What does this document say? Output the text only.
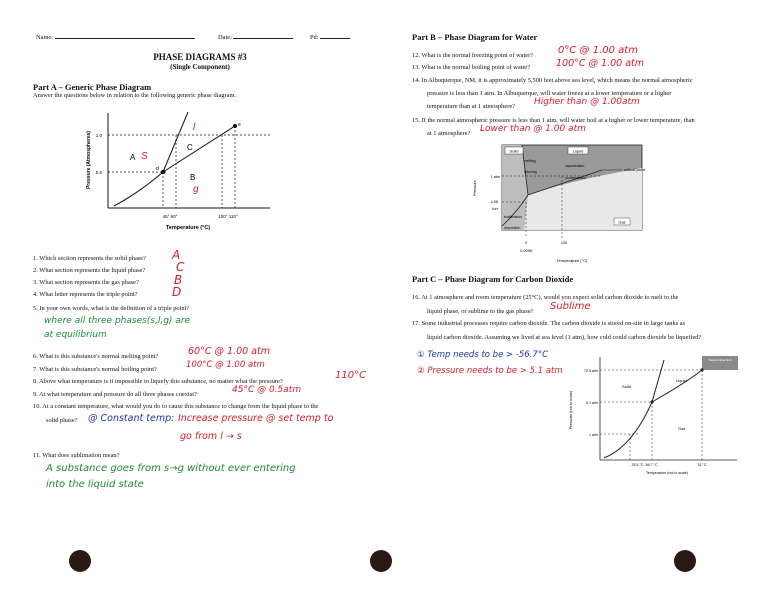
Name:	Date:	Pd:
PHASE DIAGRAMS #3
(Single Component)
Part A – Generic Phase Diagram
Answer the questions below in relation to the following generic phase diagram.
1.0
0.5
45° 60°	100° 110°
Temperature (°C)
Pressure (Atmospheres)	A
C
B
d
e
S
l
g
1. Which section represents the solid phase? A
2. What section represents the liquid phase?	C
3. What section represents the gas phase?	B
4. What letter represents the triple point?	D
5. In your own words, what is the definition of a triple point?
where all three phases(s,l,g) are
at equilibrium
6. What is this substance's normal melting point?	60°C @ 1.00 atm
7. What is this substance's normal boiling point?	100°C @ 1.00 atm
8. Above what temperature is it impossible to liquefy this substance, no matter what the pressure?
110°C
9. At what temperature and pressure do all three phases coexist?	45°C @ 0.5atm
10. At a constant temperature, what would you do to cause this substance to change from the liquid phase to the
solid phase? @ Constant temp: Increase pressure @ set temp to
go from l → s
11. What does sublimation mean?
A substance goes from s→g without ever entering
into the liquid state
Part B – Phase Diagram for Water
12. What is the normal freezing point of water? 0°C @ 1.00 atm
13. What is the normal boiling point of water?	100°C @ 1.00 atm
14. In Albuquerque, NM, it is approximately 5,500 feet above sea level, which means the normal atmospheric
pressure is less than 1 atm. In Albuquerque, will water freeze at a lower temperature or a higher
temperature than at 1 atmosphere? Higher than @ 1.00atm
15. If the normal atmospheric pressure is less than 1 atm, will water boil at a higher or lower temperature, than
at 1 atmosphere? Lower than @ 1.00 atm
Solid	Liquid
Gas
melting
freezing
vaporization
condensation
sublimation
deposition
critical point
1 atm
4.58
torr
0	100
0.0098
Temperature (°C)
Pressure
Part C – Phase Diagram for Carbon Dioxide
16. At 1 atmosphere and room temperature (25°C), would you expect solid carbon dioxide to melt to the
liquid phase, or sublime to the gas phase? Sublime
17. Some industrial processes require carbon dioxide. The carbon dioxide is stored on-site in large tanks as
liquid carbon dioxide. Assuming we lived at sea level (1 atm), how cold could carbon dioxide be liquefied?
① Temp needs to be > -56.7°C
② Pressure needs to be > 5.1 atm	72.9 atm
5.1 atm
1 atm
Solid
Liquid
Gas
Supercritical fluid
-78.5 °C -56.7 °C	31 °C
Temperature (not to scale)
Pressure (not to scale)
